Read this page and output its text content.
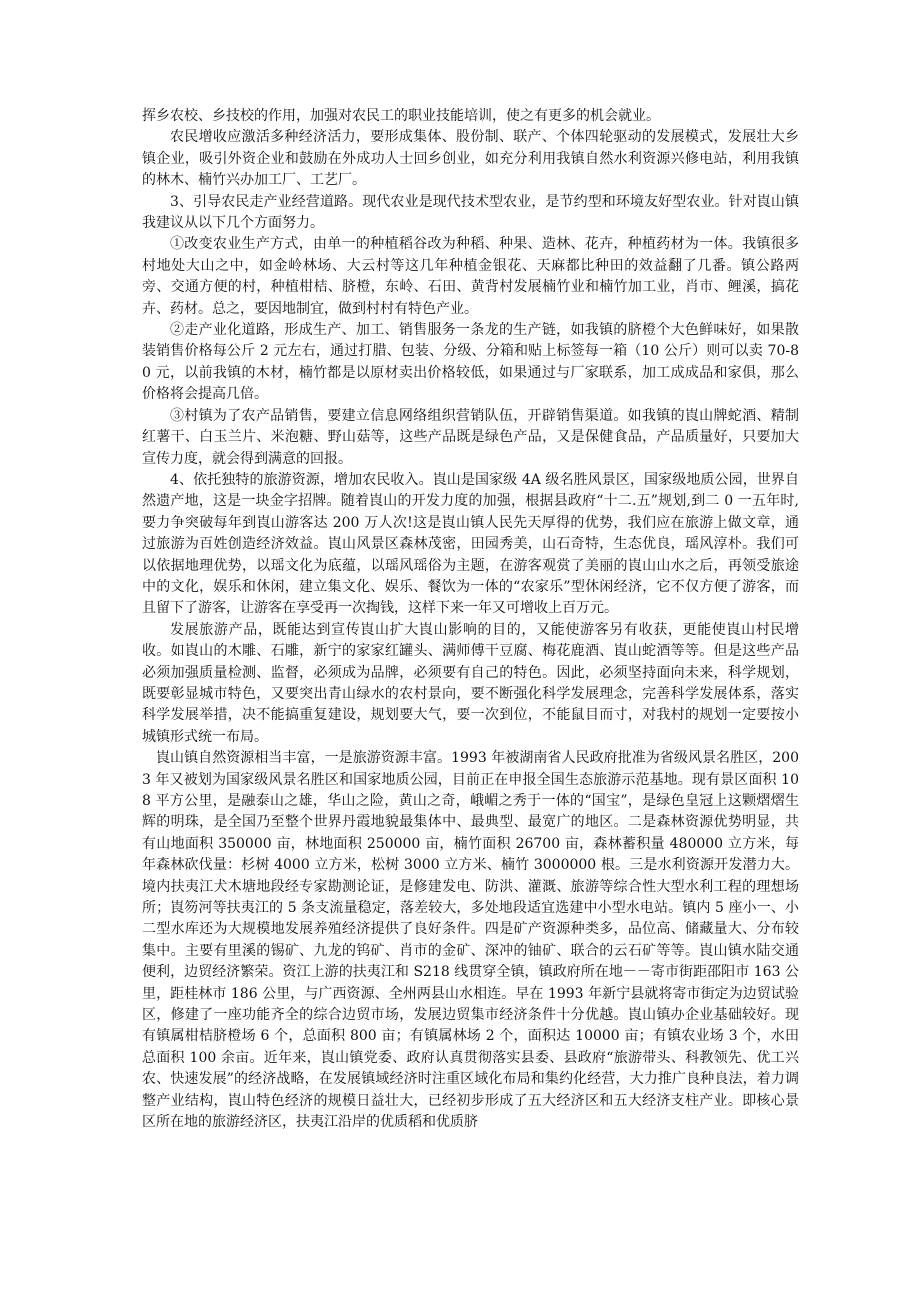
挥乡农校、乡技校的作用，加强对农民工的职业技能培训，使之有更多的机会就业。

农民增收应激活多种经济活力，要形成集体、股份制、联产、个体四轮驱动的发展模式，发展壮大乡镇企业，吸引外资企业和鼓励在外成功人士回乡创业，如充分利用我镇自然水利资源兴修电站，利用我镇的林木、楠竹兴办加工厂、工艺厂。

3、引导农民走产业经营道路。现代农业是现代技术型农业，是节约型和环境友好型农业。针对崀山镇我建议从以下几个方面努力。

①改变农业生产方式，由单一的种植稻谷改为种稻、种果、造林、花卉，种植药材为一体。我镇很多村地处大山之中，如金岭林场、大云村等这几年种植金银花、天麻都比种田的效益翻了几番。镇公路两旁、交通方便的村，种植柑桔、脐橙，东岭、石田、黄背村发展楠竹业和楠竹加工业，肖市、鲤溪，搞花卉、药材。总之，要因地制宜，做到村村有特色产业。

②走产业化道路，形成生产、加工、销售服务一条龙的生产链，如我镇的脐橙个大色鲜味好，如果散装销售价格每公斤 2 元左右，通过打腊、包装、分级、分箱和贴上标签每一箱（10 公斤）则可以卖 70-80 元，以前我镇的木材，楠竹都是以原材卖出价格较低，如果通过与厂家联系，加工成成品和家俱，那么价格将会提高几倍。

③村镇为了农产品销售，要建立信息网络组织营销队伍，开辟销售渠道。如我镇的崀山牌蛇酒、精制红薯干、白玉兰片、米泡糖、野山菇等，这些产品既是绿色产品，又是保健食品，产品质量好，只要加大宣传力度，就会得到满意的回报。

4、依托独特的旅游资源，增加农民收入。崀山是国家级 4A 级名胜风景区，国家级地质公园，世界自然遗产地，这是一块金字招牌。随着崀山的开发力度的加强，根据县政府“十二.五”规划,到二 0 一五年时,要力争突破每年到崀山游客达 200 万人次!这是崀山镇人民先天厚得的优势，我们应在旅游上做文章，通过旅游为百姓创造经济效益。崀山风景区森林茂密，田园秀美，山石奇特，生态优良，瑶风淳朴。我们可以依据地理优势，以瑶文化为底蕴，以瑶风瑶俗为主题，在游客观赏了美丽的崀山山水之后，再领受旅途中的文化，娱乐和休闲，建立集文化、娱乐、餐饮为一体的“农家乐”型休闲经济，它不仅方便了游客，而且留下了游客，让游客在享受再一次掏钱，这样下来一年又可增收上百万元。

发展旅游产品，既能达到宣传崀山扩大崀山影响的目的，又能使游客另有收获，更能使崀山村民增收。如崀山的木雕、石雕，新宁的家家红罐头、满师傅干豆腐、梅花鹿酒、崀山蛇酒等等。但是这些产品必须加强质量检测、监督，必须成为品牌，必须要有自己的特色。因此，必须坚持面向未来，科学规划，既要彰显城市特色，又要突出青山绿水的农村景向，要不断强化科学发展理念，完善科学发展体系，落实科学发展举措，决不能搞重复建设，规划要大气，要一次到位，不能鼠目而寸，对我村的规划一定要按小城镇形式统一布局。

崀山镇自然资源相当丰富，一是旅游资源丰富。1993 年被湖南省人民政府批准为省级风景名胜区，2003 年又被划为国家级风景名胜区和国家地质公园，目前正在申报全国生态旅游示范基地。现有景区面积 108 平方公里，是融泰山之雄，华山之险，黄山之奇，峨嵋之秀于一体的“国宝”，是绿色皇冠上这颗熠熠生辉的明珠，是全国乃至整个世界丹霞地貌最集体中、最典型、最宽广的地区。二是森林资源优势明显，共有山地面积 350000 亩，林地面积 250000 亩，楠竹面积 26700 亩，森林蓄积量 480000 立方米，每年森林砍伐量：杉树 4000 立方米，松树 3000 立方米、楠竹 3000000 根。三是水利资源开发潜力大。境内扶夷江犬木塘地段经专家勘测论证，是修建发电、防洪、灌溉、旅游等综合性大型水利工程的理想场所；崀笏河等扶夷江的 5 条支流量稳定，落差较大，多处地段适宜选建中小型水电站。镇内 5 座小一、小二型水库还为大规模地发展养殖经济提供了良好条件。四是矿产资源种类多，品位高、储藏量大、分布较集中。主要有里溪的锡矿、九龙的钨矿、肖市的金矿、深冲的铀矿、联合的云石矿等等。崀山镇水陆交通便利，边贸经济繁荣。资江上游的扶夷江和 S218 线贯穿全镇，镇政府所在地－－寄市街距邵阳市 163 公里，距桂林市 186 公里，与广西资源、全州两县山水相连。早在 1993 年新宁县就将寄市街定为边贸试验区，修建了一座功能齐全的综合边贸市场，发展边贸集市经济条件十分优越。崀山镇办企业基础较好。现有镇属柑桔脐橙场 6 个，总面积 800 亩；有镇属林场 2 个，面积达 10000 亩；有镇农业场 3 个，水田总面积 100 余亩。近年来，崀山镇党委、政府认真贯彻落实县委、县政府“旅游带头、科教领先、优工兴农、快速发展”的经济战略，在发展镇域经济时注重区域化布局和集约化经营，大力推广良种良法，着力调整产业结构，崀山特色经济的规模日益壮大，已经初步形成了五大经济区和五大经济支柱产业。即核心景区所在地的旅游经济区，扶夷江沿岸的优质稻和优质脐
